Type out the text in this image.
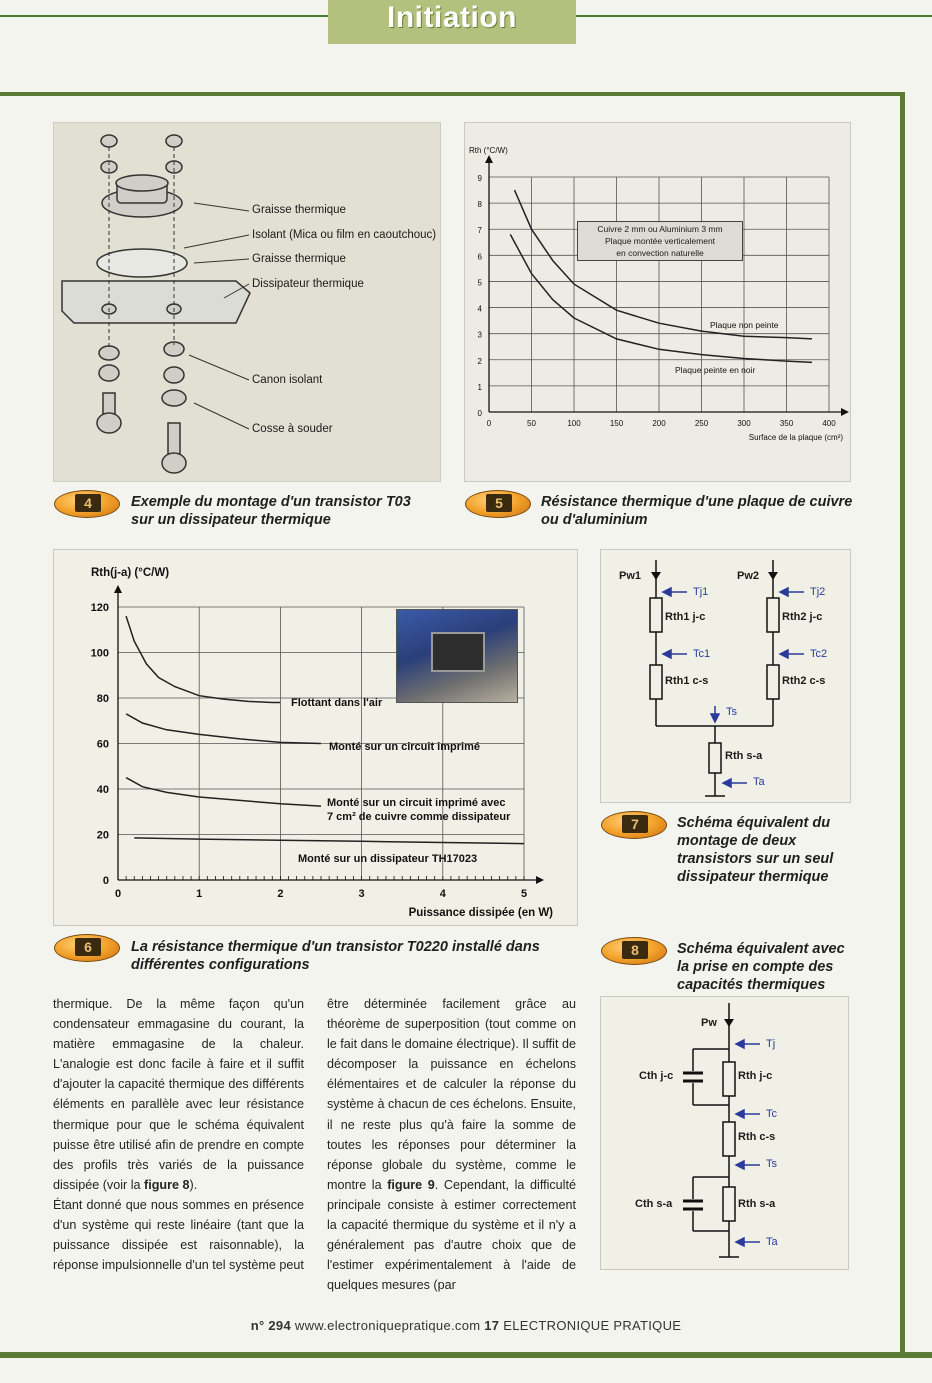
Initiation
Graisse thermique
Isolant (Mica ou film en caoutchouc)
Graisse thermique
Dissipateur thermique
Canon isolant
Cosse à souder	0	50	100	150	200	250	300	350	400
0
1
2
3
4
5
6
7
8
9
Rth (°C/W)
Surface de la plaque (cm²)
Plaque non peinte
Plaque peinte en noir
Cuivre 2 mm ou Aluminium 3 mm
Plaque montée verticalement
en convection naturelle
4	Exemple du montage d'un transistor T03 sur un dissipateur thermique
5	Résistance thermique d'une plaque de cuivre ou d'aluminium
0	1	2	3	4	5
0
20
40
60
80
100
120
Rth(j-a) (°C/W)
Puissance dissipée (en W)
Flottant dans l'air
Monté sur un circuit imprimé
Monté sur un circuit imprimé avec
7 cm² de cuivre comme dissipateur
Monté sur un dissipateur TH17023
Pw1	Pw2
Tj1	Tj2
Rth1 j-c	Rth2 j-c
Tc1	Tc2
Rth1 c-s	Rth2 c-s
Ts
Rth s-a
Ta
7	Schéma équivalent du montage de deux transistors sur un seul dissipateur thermique
6	La résistance thermique d'un transistor T0220 installé dans différentes configurations
8	Schéma équivalent avec la prise en compte des capacités thermiques
Pw
Tj
Cth j-c	Rth j-c
Tc
Rth c-s
Ts
Cth s-a	Rth s-a
Ta

thermique. De la même façon qu'un condensateur emmagasine du courant, la matière emmagasine de la chaleur. L'analogie est donc facile à faire et il suffit d'ajouter la capacité thermique des différents éléments en parallèle avec leur résistance thermique pour que le schéma équivalent puisse être utilisé afin de prendre en compte des profils très variés de la puissance dissipée (voir la figure 8).

Étant donné que nous sommes en présence d'un système qui reste linéaire (tant que la puissance dissipée est raisonnable), la réponse impulsionnelle d'un tel système peut

être déterminée facilement grâce au théorème de superposition (tout comme on le fait dans le domaine électrique). Il suffit de décomposer la puissance en échelons élémentaires et de calculer la réponse du système à chacun de ces échelons. Ensuite, il ne reste plus qu'à faire la somme de toutes les réponses pour déterminer la réponse globale du système, comme le montre la figure 9. Cependant, la difficulté principale consiste à estimer correctement la capacité thermique du système et il n'y a généralement pas d'autre choix que de l'estimer expérimentalement à l'aide de quelques mesures (par

n° 294 www.electroniquepratique.com 17 ELECTRONIQUE PRATIQUE
